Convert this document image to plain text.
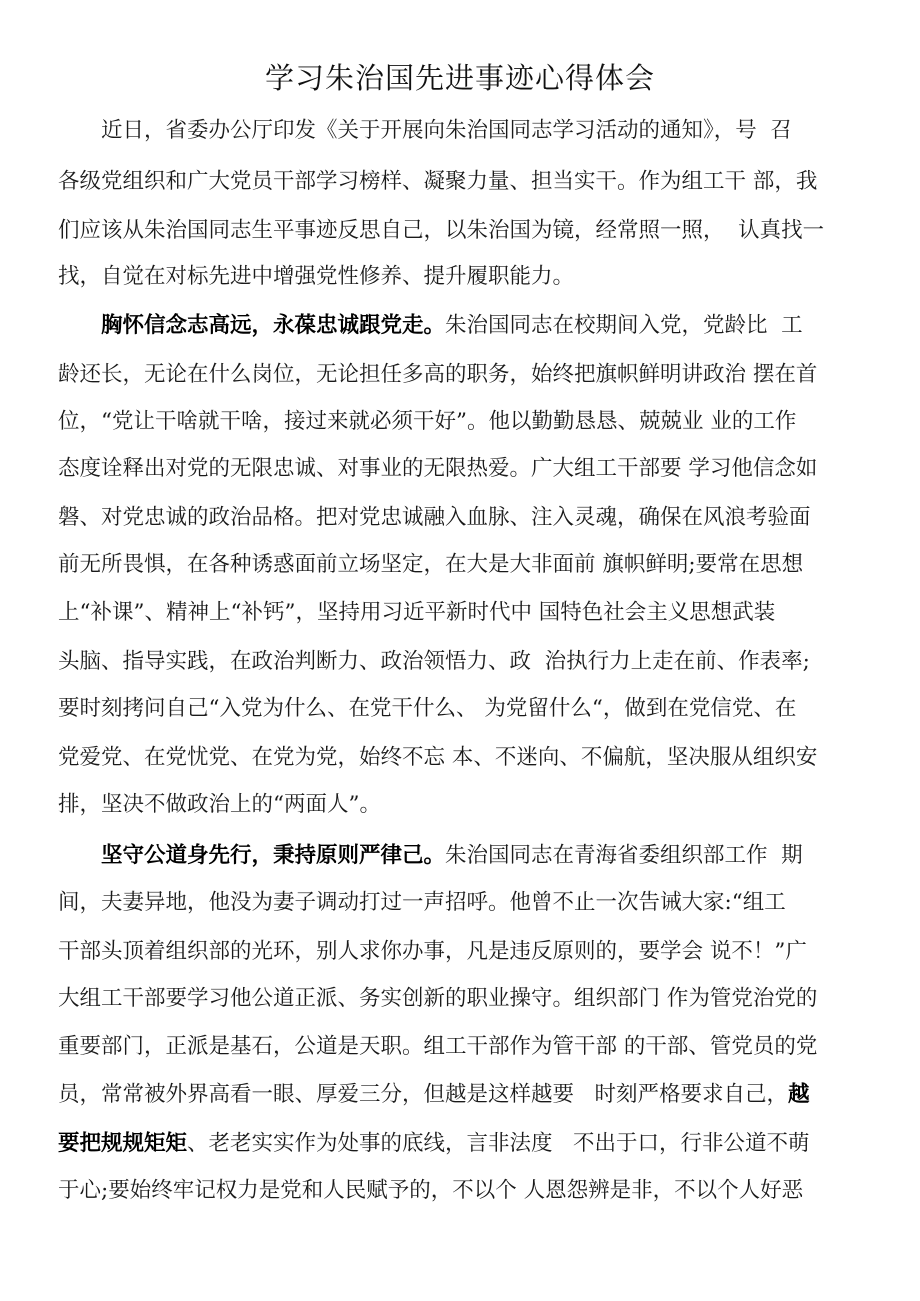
学习朱治国先进事迹心得体会
近日，省委办公厅印发《关于开展向朱治国同志学习活动的通知》，号  召
各级党组织和广大党员干部学习榜样、凝聚力量、担当实干。作为组工干 部，我
们应该从朱治国同志生平事迹反思自己，以朱治国为镜，经常照一照，  认真找一
找，自觉在对标先进中增强党性修养、提升履职能力。
胸怀信念志高远，永葆忠诚跟党走。朱治国同志在校期间入党，党龄比  工
龄还长，无论在什么岗位，无论担任多高的职务，始终把旗帜鲜明讲政治 摆在首
位，“党让干啥就干啥，接过来就必须干好”。他以勤勤恳恳、兢兢业 业的工作
态度诠释出对党的无限忠诚、对事业的无限热爱。广大组工干部要 学习他信念如
磐、对党忠诚的政治品格。把对党忠诚融入血脉、注入灵魂，确保在风浪考验面
前无所畏惧，在各种诱惑面前立场坚定，在大是大非面前 旗帜鲜明;要常在思想
上“补课”、精神上“补钙”，坚持用习近平新时代中 国特色社会主义思想武装
头脑、指导实践，在政治判断力、政治领悟力、政  治执行力上走在前、作表率;
要时刻拷问自己“入党为什么、在党干什么、 为党留什么“，做到在党信党、在
党爱党、在党忧党、在党为党，始终不忘 本、不迷向、不偏航，坚决服从组织安
排，坚决不做政治上的“两面人”。
坚守公道身先行，秉持原则严律己。朱治国同志在青海省委组织部工作  期
间，夫妻异地，他没为妻子调动打过一声招呼。他曾不止一次告诫大家:“组工
干部头顶着组织部的光环，别人求你办事，凡是违反原则的，要学会 说不！”广
大组工干部要学习他公道正派、务实创新的职业操守。组织部门 作为管党治党的
重要部门，正派是基石，公道是天职。组工干部作为管干部 的干部、管党员的党
员，常常被外界高看一眼、厚爱三分，但越是这样越要   时刻严格要求自己，越
要把规规矩矩、老老实实作为处事的底线，言非法度   不出于口，行非公道不萌
于心;要始终牢记权力是党和人民赋予的，不以个 人恩怨辨是非，不以个人好恶
